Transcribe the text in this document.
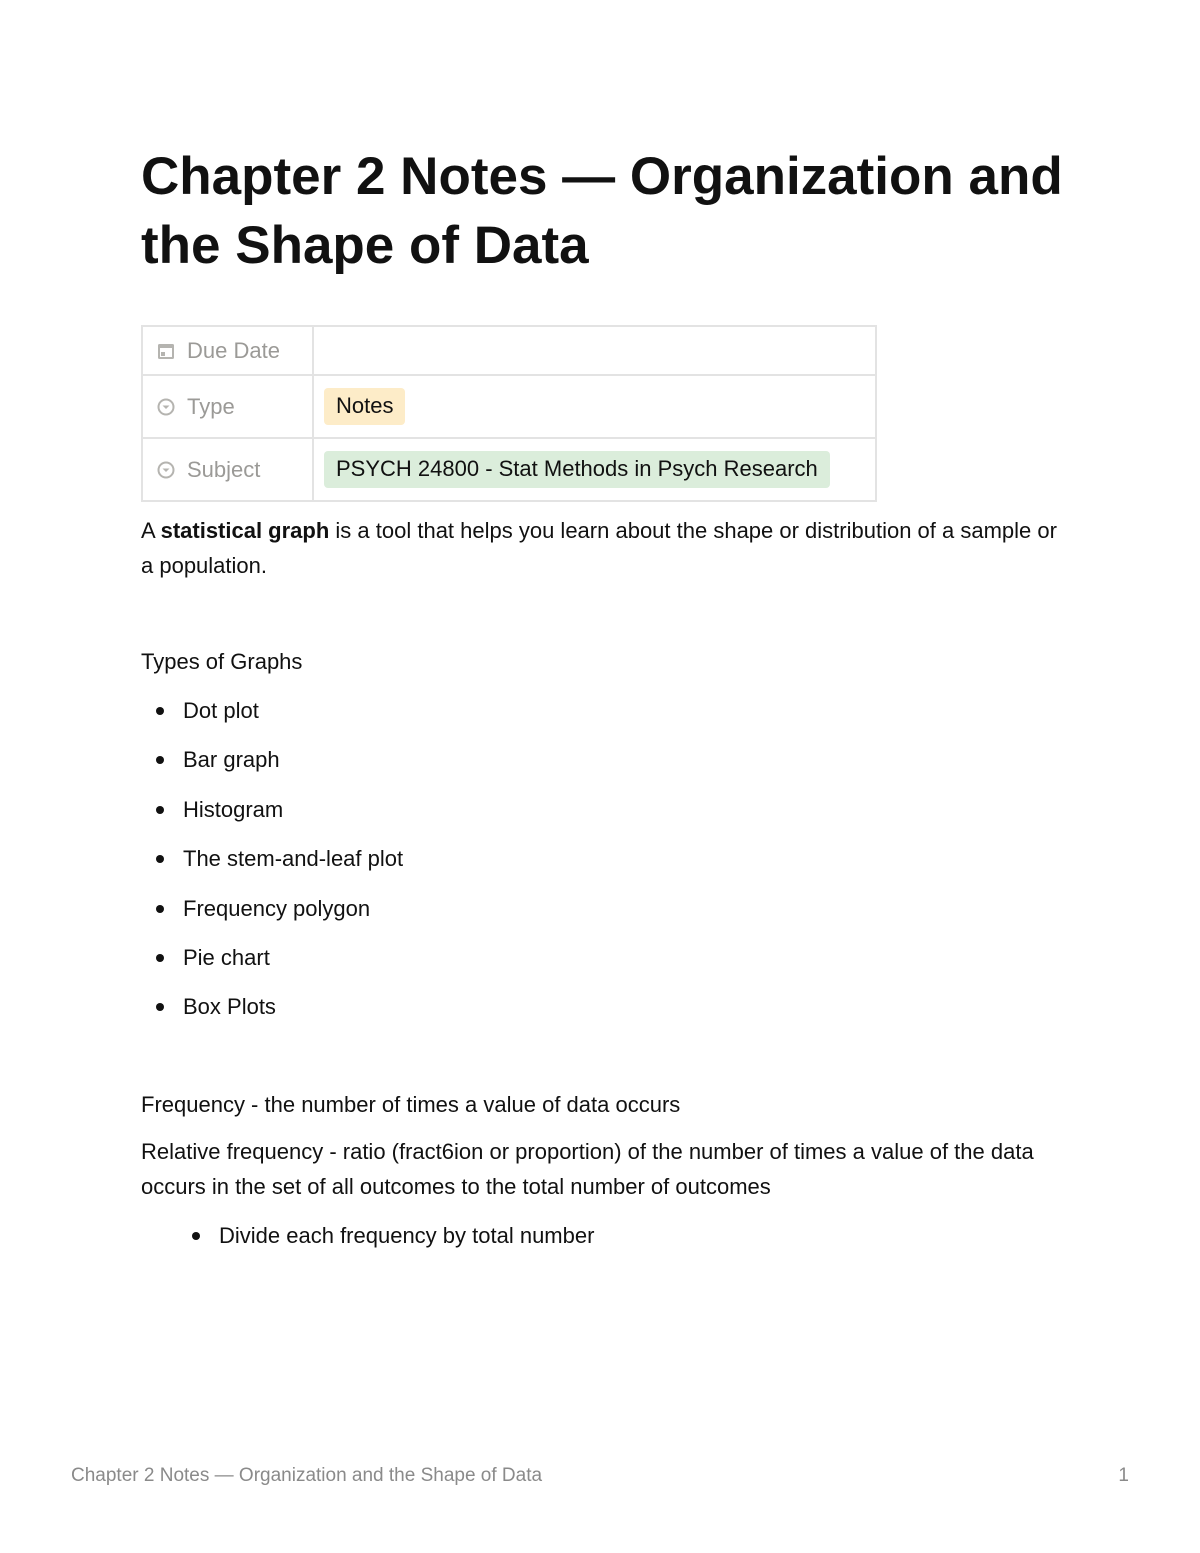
Chapter 2 Notes — Organization and the Shape of Data
Due Date	
Type	Notes
Subject	PSYCH 24800 - Stat Methods in Psych Research

A statistical graph is a tool that helps you learn about the shape or distribution of a sample or a population.

Types of Graphs

Dot plot
Bar graph
Histogram
The stem-and-leaf plot
Frequency polygon
Pie chart
Box Plots

Frequency - the number of times a value of data occurs

Relative frequency - ratio (fract6ion or proportion) of the number of times a value of the data occurs in the set of all outcomes to the total number of outcomes

Divide each frequency by total number
Chapter 2 Notes — Organization and the Shape of Data	1
